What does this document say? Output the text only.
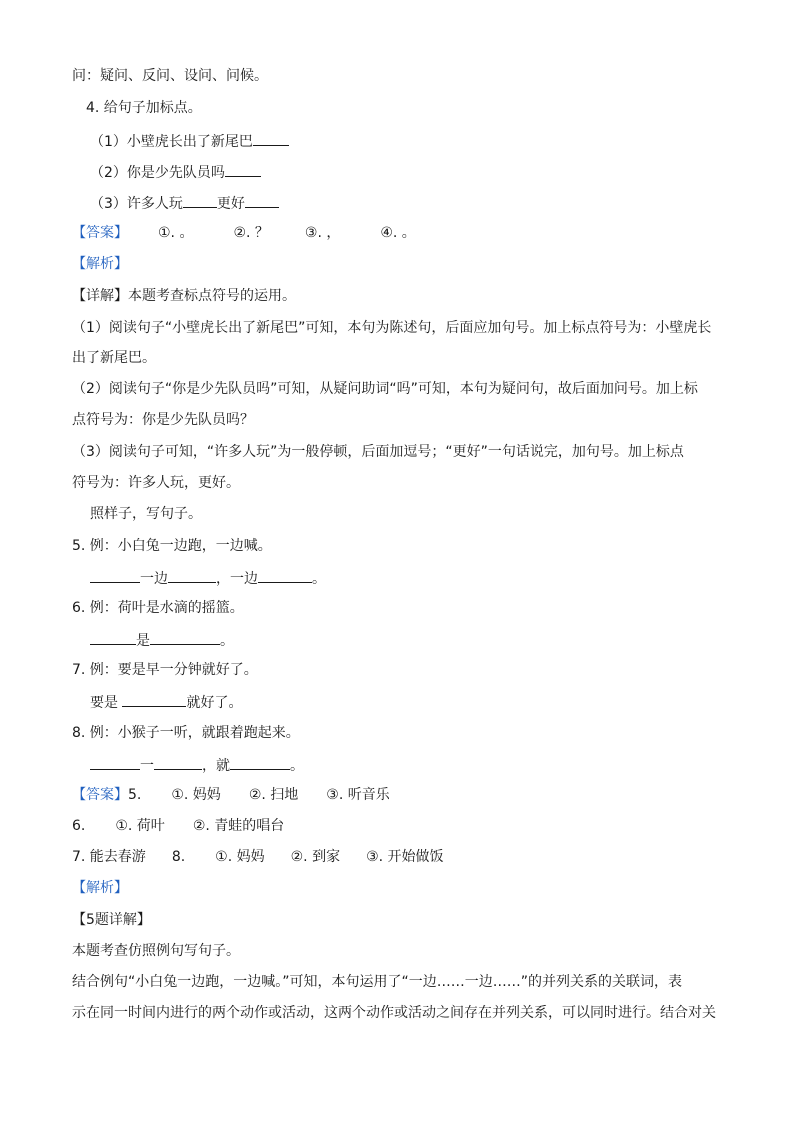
问：疑问、反问、设问、问候。
4. 给句子加标点。
（1）小壁虎长出了新尾巴
（2）你是少先队员吗
（3）许多人玩 更好
【答案】 ①. 。	②. ？	③. ，	④. 。
【解析】
【详解】本题考查标点符号的运用。
（1）阅读句子“小壁虎长出了新尾巴”可知，本句为陈述句，后面应加句号。加上标点符号为：小壁虎长
出了新尾巴。
（2）阅读句子“你是少先队员吗”可知，从疑问助词“吗”可知，本句为疑问句，故后面加问号。加上标
点符号为：你是少先队员吗？
（3）阅读句子可知，“许多人玩”为一般停顿，后面加逗号；“更好”一句话说完，加句号。加上标点
符号为：许多人玩，更好。
照样子，写句子。
5. 例：小白兔一边跑，一边喊。
一边	，一边	。
6. 例：荷叶是水滴的摇篮。
是	。
7. 例：要是早一分钟就好了。
要是	就好了。
8. 例：小猴子一听，就跟着跑起来。
一	，就	。
【答案】5. ①. 妈妈 ②. 扫地 ③. 听音乐
6. ①. 荷叶 ②. 青蛙的唱台
7. 能去春游 8. ①. 妈妈 ②. 到家 ③. 开始做饭
【解析】
【5题详解】
本题考查仿照例句写句子。
结合例句“小白兔一边跑，一边喊。”可知，本句运用了“一边……一边……”的并列关系的关联词，表
示在同一时间内进行的两个动作或活动，这两个动作或活动之间存在并列关系，可以同时进行。结合对关
